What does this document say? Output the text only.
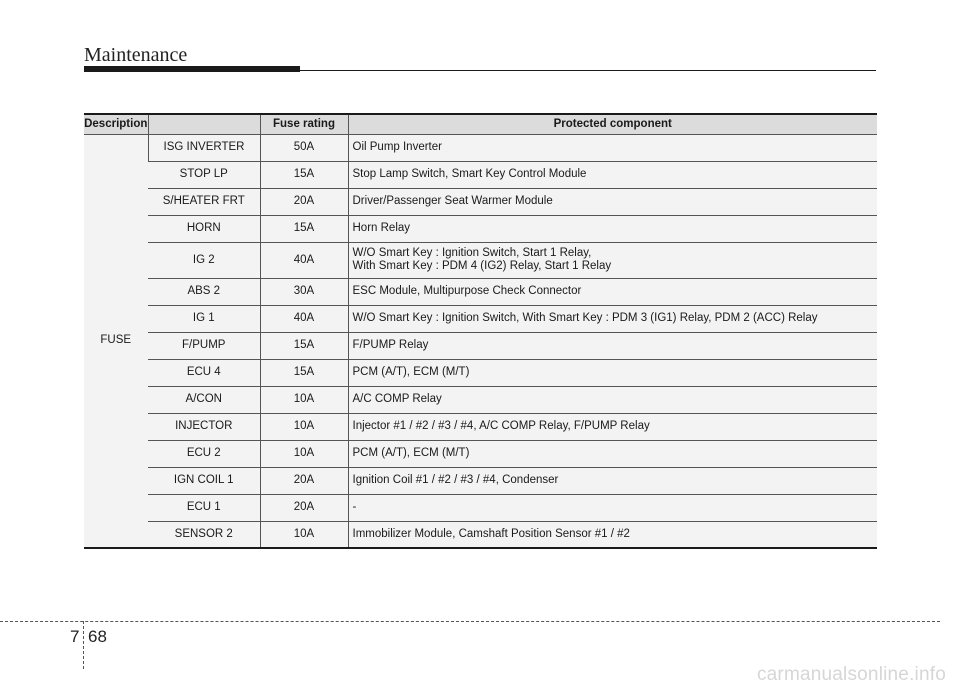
Maintenance
Description		Fuse rating	Protected component
FUSE	ISG INVERTER	50A	Oil Pump Inverter

	STOP LP	15A	Stop Lamp Switch, Smart Key Control Module

	S/HEATER FRT	20A	Driver/Passenger Seat Warmer Module

	HORN	15A	Horn Relay

	IG 2	40A	W/O Smart Key : Ignition Switch, Start 1 Relay,
With Smart Key : PDM 4 (IG2) Relay, Start 1 Relay

	ABS 2	30A	ESC Module, Multipurpose Check Connector

	IG 1	40A	W/O Smart Key : Ignition Switch, With Smart Key : PDM 3 (IG1) Relay, PDM 2 (ACC) Relay

	F/PUMP	15A	F/PUMP Relay

	ECU 4	15A	PCM (A/T), ECM (M/T)

	A/CON	10A	A/C COMP Relay

	INJECTOR	10A	Injector #1 / #2 / #3 / #4, A/C COMP Relay, F/PUMP Relay

	ECU 2	10A	PCM (A/T), ECM (M/T)

	IGN COIL 1	20A	Ignition Coil #1 / #2 / #3 / #4, Condenser

	ECU 1	20A	-

	SENSOR 2	10A	Immobilizer Module, Camshaft Position Sensor #1 / #2
7 68
carmanualsonline.info
